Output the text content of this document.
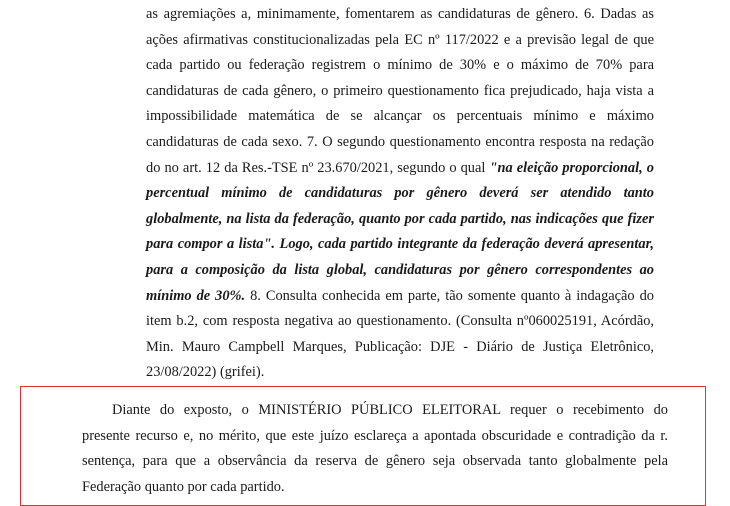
as agremiações a, minimamente, fomentarem as candidaturas de gênero. 6. Dadas as
ações afirmativas constitucionalizadas pela EC nº 117/2022 e a previsão legal de que
cada partido ou federação registrem o mínimo de 30% e o máximo de 70% para
candidaturas de cada gênero, o primeiro questionamento fica prejudicado, haja vista a
impossibilidade matemática de se alcançar os percentuais mínimo e máximo
candidaturas de cada sexo. 7. O segundo questionamento encontra resposta na redação
do no art. 12 da Res.-TSE nº 23.670/2021, segundo o qual "na eleição proporcional, o
percentual mínimo de candidaturas por gênero deverá ser atendido tanto
globalmente, na lista da federação, quanto por cada partido, nas indicações que fizer
para compor a lista". Logo, cada partido integrante da federação deverá apresentar,
para a composição da lista global, candidaturas por gênero correspondentes ao
mínimo de 30%. 8. Consulta conhecida em parte, tão somente quanto à indagação do
item b.2, com resposta negativa ao questionamento. (Consulta nº060025191, Acórdão,
Min. Mauro Campbell Marques, Publicação: DJE - Diário de Justiça Eletrônico,
23/08/2022) (grifei).
Diante do exposto, o MINISTÉRIO PÚBLICO ELEITORAL requer o recebimento do
presente recurso e, no mérito, que este juízo esclareça a apontada obscuridade e contradição da r.
sentença, para que a observância da reserva de gênero seja observada tanto globalmente pela
Federação quanto por cada partido.
